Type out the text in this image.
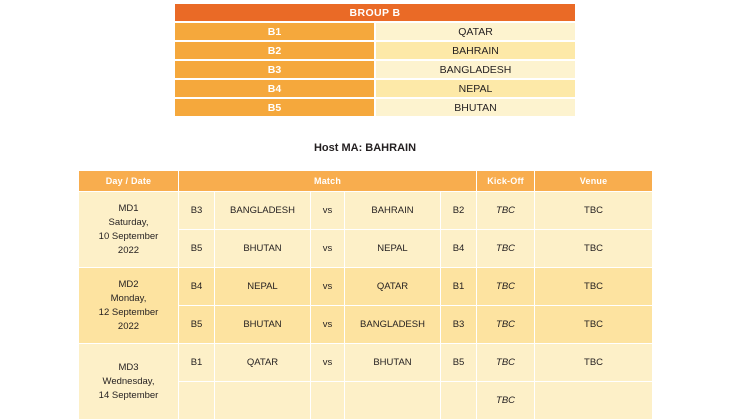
BROUP B	
B1	QATAR
B2	BAHRAIN
B3	BANGLADESH
B4	NEPAL
B5	BHUTAN
Host MA: BAHRAIN
Day / Date	Match					Kick-Off	Venue

MD1
Saturday,
10 September
2022	B3	BANGLADESH	vs	BAHRAIN	B2	TBC	TBC
	B5	BHUTAN	vs	NEPAL	B4	TBC	TBC

MD2
Monday,
12 September
2022	B4	NEPAL	vs	QATAR	B1	TBC	TBC
	B5	BHUTAN	vs	BANGLADESH	B3	TBC	TBC

MD3
Wednesday,
14 September	B1	QATAR	vs	BHUTAN	B5	TBC	TBC
						TBC	
